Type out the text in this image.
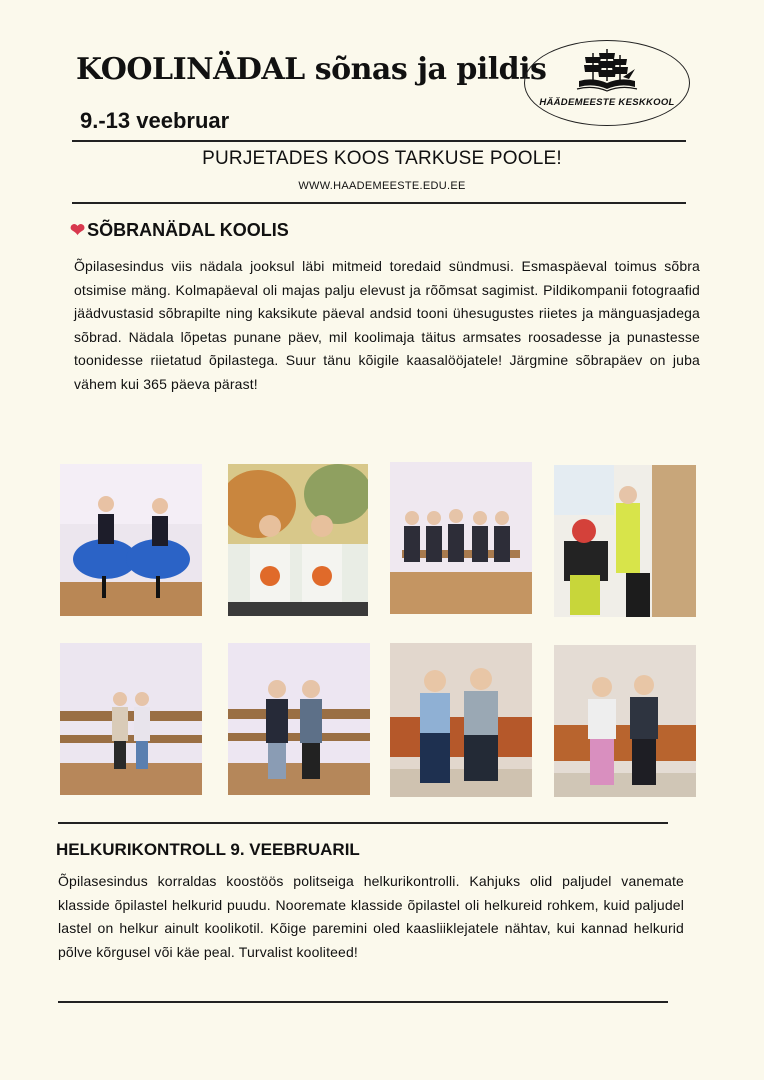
KOOLINÄDAL sõnas ja pildis
9.-13 veebruar
HÄÄDEMEESTE KESKKOOL
PURJETADES KOOS TARKUSE POOLE!
WWW.HAADEMEESTE.EDU.EE
❤ SÕBRANÄDAL KOOLIS
Õpilasesindus viis nädala jooksul läbi mitmeid toredaid sündmusi. Esmaspäeval toimus sõbra otsimise mäng. Kolmapäeval oli majas palju elevust ja rõõmsat sagimist. Pildikompanii fotograafid jäädvustasid sõbrapilte ning kaksikute päeval andsid tooni ühesugustes riietes ja mänguasjadega sõbrad. Nädala lõpetas punane päev, mil koolimaja täitus armsates roosadesse ja punastesse toonidesse riietatud õpilastega. Suur tänu kõigile kaasalööjatele! Järgmine sõbrapäev on juba vähem kui 365 päeva pärast!
HELKURIKONTROLL 9. VEEBRUARIL
Õpilasesindus korraldas koostöös politseiga helkurikontrolli. Kahjuks olid paljudel vanemate klasside õpilastel helkurid puudu. Nooremate klasside õpilastel oli helkureid rohkem, kuid paljudel lastel on helkur ainult koolikotil. Kõige paremini oled kaasliiklejatele nähtav, kui kannad helkurid põlve kõrgusel või käe peal. Turvalist kooliteed!
